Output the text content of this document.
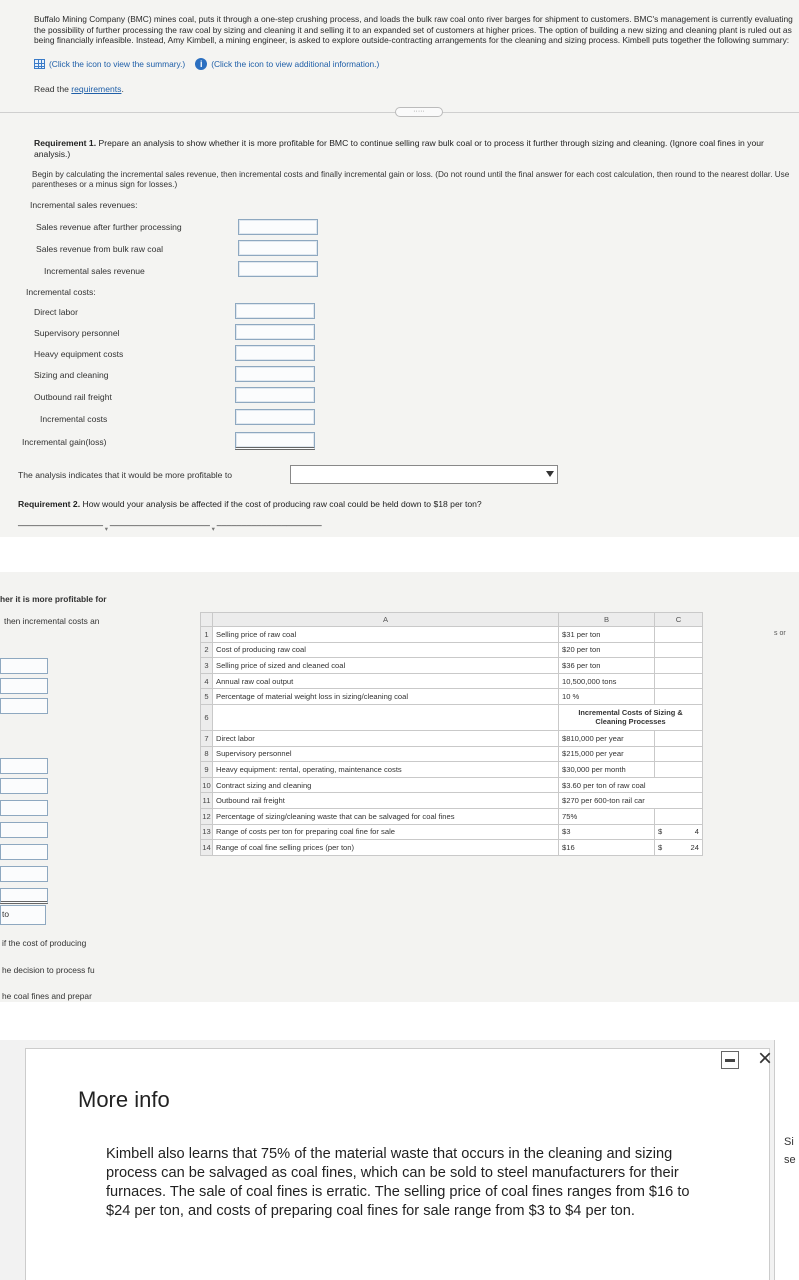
Buffalo Mining Company (BMC) mines coal, puts it through a one-step crushing process, and loads the bulk raw coal onto river barges for shipment to customers. BMC's management is currently evaluating the possibility of further processing the raw coal by sizing and cleaning it and selling it to an expanded set of customers at higher prices. The option of building a new sizing and cleaning plant is ruled out as being financially infeasible. Instead, Amy Kimbell, a mining engineer, is asked to explore outside-contracting arrangements for the cleaning and sizing process. Kimbell puts together the following summary:
(Click the icon to view the summary.)	i	(Click the icon to view additional information.)
Read the requirements.
·····
Requirement 1. Prepare an analysis to show whether it is more profitable for BMC to continue selling raw bulk coal or to process it further through sizing and cleaning. (Ignore coal fines in your analysis.)
Begin by calculating the incremental sales revenue, then incremental costs and finally incremental gain or loss. (Do not round until the final answer for each cost calculation, then round to the nearest dollar. Use parentheses or a minus sign for losses.)
Incremental sales revenues:
Sales revenue after further processing
Sales revenue from bulk raw coal
Incremental sales revenue
Incremental costs:
Direct labor
Supervisory personnel
Heavy equipment costs
Sizing and cleaning
Outbound rail freight
Incremental costs
Incremental gain(loss)
The analysis indicates that it would be more profitable to
Requirement 2. How would your analysis be affected if the cost of producing raw coal could be held down to $18 per ton?
▔▔▔▔▔▔▔▔▔▔▔▔▔▔▔▔▔ ▾ ▔▔▔▔▔▔▔▔▔▔▔▔▔▔▔▔▔▔▔▔ ▾ ▔▔▔▔▔▔▔▔▔▔▔▔▔▔▔▔▔▔▔▔▔
her it is more profitable for
then incremental costs an
to
if the cost of producing
he decision to process fu
he coal fines and prepar
s or
	A	B	C
1	Selling price of raw coal	$31 per ton	
2	Cost of producing raw coal	$20 per ton	
3	Selling price of sized and cleaned coal	$36 per ton	
4	Annual raw coal output	10,500,000 tons	
5	Percentage of material weight loss in sizing/cleaning coal	10 %	
6		Incremental Costs of Sizing & Cleaning Processes	
7	Direct labor	$810,000 per year	
8	Supervisory personnel	$215,000 per year	
9	Heavy equipment: rental, operating, maintenance costs	$30,000 per month	
10	Contract sizing and cleaning	$3.60 per ton of raw coal	
11	Outbound rail freight	$270 per 600-ton rail car	
12	Percentage of sizing/cleaning waste that can be salvaged for coal fines	75%	
13	Range of costs per ton for preparing coal fine for sale	$3	$ 4

14	Range of coal fine selling prices (per ton)	$16	$ 24
×
More info
Kimbell also learns that 75% of the material waste that occurs in the cleaning and sizing process can be salvaged as coal fines, which can be sold to steel manufacturers for their furnaces. The sale of coal fines is erratic. The selling price of coal fines ranges from $16 to $24 per ton, and costs of preparing coal fines for sale range from $3 to $4 per ton.
Si
se
